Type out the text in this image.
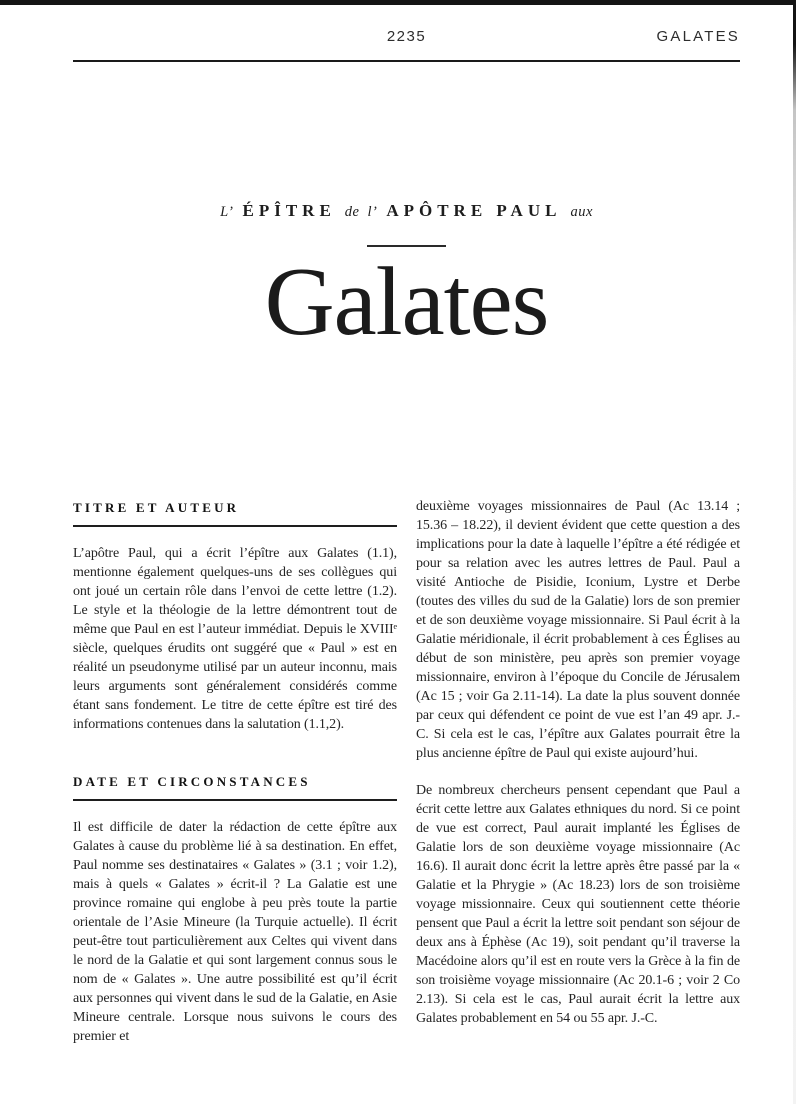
2235	GALATES
L’ ÉPÎTRE de l’ APÔTRE PAUL aux
Galates
TITRE ET AUTEUR

L’apôtre Paul, qui a écrit l’épître aux Galates (1.1), mentionne également quelques-uns de ses collègues qui ont joué un certain rôle dans l’envoi de cette lettre (1.2). Le style et la théologie de la lettre démontrent tout de même que Paul en est l’auteur immédiat. Depuis le XVIIIᵉ siècle, quelques érudits ont suggéré que « Paul » est en réalité un pseudonyme utilisé par un auteur inconnu, mais leurs arguments sont généralement considérés comme étant sans fondement. Le titre de cette épître est tiré des informations contenues dans la salutation (1.1,2).

DATE ET CIRCONSTANCES

Il est difficile de dater la rédaction de cette épître aux Galates à cause du problème lié à sa destination. En effet, Paul nomme ses destinataires « Galates » (3.1 ; voir 1.2), mais à quels « Galates » écrit-il ? La Galatie est une province romaine qui englobe à peu près toute la partie orientale de l’Asie Mineure (la Turquie actuelle). Il écrit peut-être tout particulièrement aux Celtes qui vivent dans le nord de la Galatie et qui sont largement connus sous le nom de « Galates ». Une autre possibilité est qu’il écrit aux personnes qui vivent dans le sud de la Galatie, en Asie Mineure centrale. Lorsque nous suivons le cours des premier et

deuxième voyages missionnaires de Paul (Ac 13.14 ; 15.36 – 18.22), il devient évident que cette question a des implications pour la date à laquelle l’épître a été rédigée et pour sa relation avec les autres lettres de Paul. Paul a visité Antioche de Pisidie, Iconium, Lystre et Derbe (toutes des villes du sud de la Galatie) lors de son premier et de son deuxième voyage missionnaire. Si Paul écrit à la Galatie méridionale, il écrit probablement à ces Églises au début de son ministère, peu après son premier voyage missionnaire, environ à l’époque du Concile de Jérusalem (Ac 15 ; voir Ga 2.11-14). La date la plus souvent donnée par ceux qui défendent ce point de vue est l’an 49 apr. J.-C. Si cela est le cas, l’épître aux Galates pourrait être la plus ancienne épître de Paul qui existe aujourd’hui.

De nombreux chercheurs pensent cependant que Paul a écrit cette lettre aux Galates ethniques du nord. Si ce point de vue est correct, Paul aurait implanté les Églises de Galatie lors de son deuxième voyage missionnaire (Ac 16.6). Il aurait donc écrit la lettre après être passé par la « Galatie et la Phrygie » (Ac 18.23) lors de son troisième voyage missionnaire. Ceux qui soutiennent cette théorie pensent que Paul a écrit la lettre soit pendant son séjour de deux ans à Éphèse (Ac 19), soit pendant qu’il traverse la Macédoine alors qu’il est en route vers la Grèce à la fin de son troisième voyage missionnaire (Ac 20.1-6 ; voir 2 Co 2.13). Si cela est le cas, Paul aurait écrit la lettre aux Galates probablement en 54 ou 55 apr. J.-C.
